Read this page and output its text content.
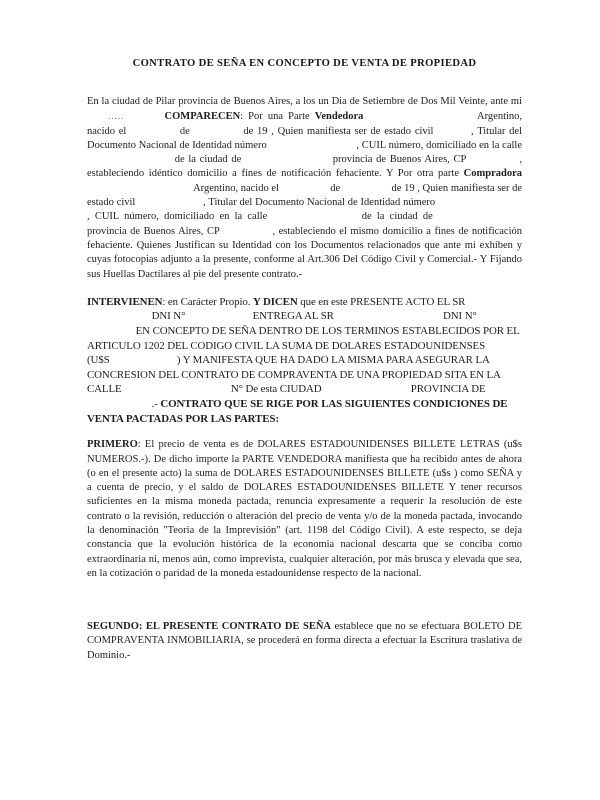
CONTRATO DE SEÑA EN CONCEPTO DE VENTA DE PROPIEDAD

En la ciudad de Pilar provincia de Buenos Aires, a los un Dia de Setiembre de Dos Mil Veinte, ante mi  .....	COMPARECEN: Por una Parte Vendedora	Argentino, nacido el	de	de 19 , Quien manifiesta ser de estado civil	, Titular del Documento Nacional de Identidad número	, CUIL número, domiciliado en la calle  de la ciudad de	provincia de Buenos Aires, CP	, estableciendo idéntico domicilio a fines de notificación fehaciente. Y Por otra parte Compradora  Argentino, nacido el	de	de 19 , Quien manifiesta ser de estado civil	, Titular del Documento Nacional de Identidad número  , CUIL número, domiciliado en la calle	de la ciudad de  provincia de Buenos Aires, CP	, estableciendo el mismo domicilio a fines de notificación fehaciente. Quienes Justifican su Identidad con los Documentos relacionados que ante mi exhiben y cuyas fotocopias adjunto a la presente, conforme al Art.306 Del Código Civil y Comercial.- Y Fijando sus Huellas Dactilares al pie del presente contrato.-

INTERVIENEN: en Carácter Propio. Y DICEN que en este PRESENTE ACTO EL SR  DNI N°	ENTREGA AL SR	DNI N°  EN CONCEPTO DE SEÑA DENTRO DE LOS TERMINOS ESTABLECIDOS POR EL ARTICULO 1202 DEL CODIGO CIVIL LA SUMA DE DOLARES ESTADOUNIDENSES  (U$S	) Y MANIFESTA QUE HA DADO LA MISMA PARA ASEGURAR LA CONCRESION DEL CONTRATO DE COMPRAVENTA DE UNA PROPIEDAD SITA EN LA CALLE	N° De esta CIUDAD	PROVINCIA DE  .- CONTRATO QUE SE RIGE POR LAS SIGUIENTES CONDICIONES DE VENTA PACTADAS POR LAS PARTES:

PRIMERO: El precio de venta es de DOLARES ESTADOUNIDENSES BILLETE LETRAS (u$s NUMEROS.-). De dicho importe la PARTE VENDEDORA manifiesta que ha recibido antes de ahora (o en el presente acto) la suma de DOLARES ESTADOUNIDENSES BILLETE (u$s ) como SEÑA y a cuenta de precio, y el saldo de DOLARES ESTADOUNIDENSES BILLETE Y tener recursos suficientes en la misma moneda pactada, renuncia expresamente a requerir la resolución de este contrato o la revisión, reducción o alteración del precio de venta y/o de la moneda pactada, invocando la denominación "Teoria de la Imprevisión" (art. 1198 del Código Civil). A este respecto, se deja constancia que la evolución histórica de la economia nacional descarta que se conciba como extraordinaria ni, menos aún, como imprevista, cualquier alteración, por más brusca y elevada que sea, en la cotización o paridad de la moneda estadounidense respecto de la nacional.

SEGUNDO: EL PRESENTE CONTRATO DE SEÑA establece que no se efectuara BOLETO DE COMPRAVENTA INMOBILIARIA, se procederá en forma directa a efectuar la Escritura traslativa de Dominio.-
